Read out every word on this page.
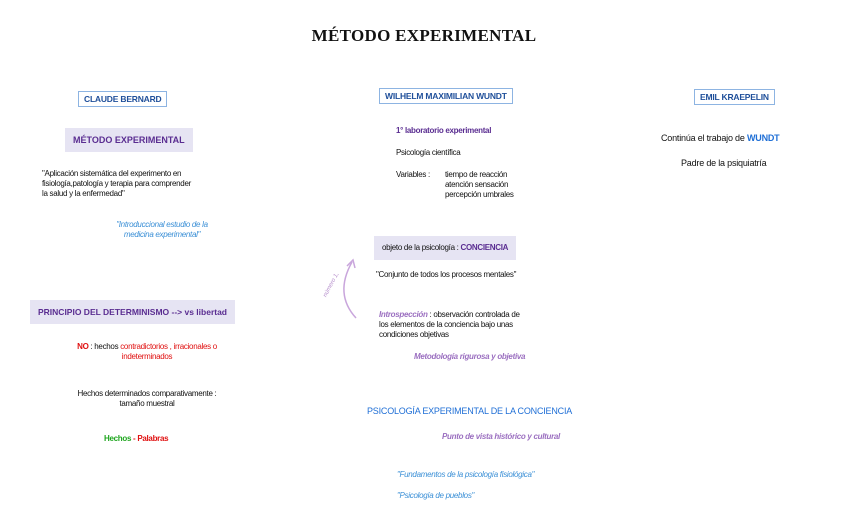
MÉTODO EXPERIMENTAL
CLAUDE BERNARD
MÉTODO EXPERIMENTAL
"Aplicación sistemática del experimento en
fisiología,patología y terapia para comprender
la salud y la enfermedad"
"Introduccional estudio de la
medicina experimental"
PRINCIPIO DEL DETERMINISMO --> vs libertad
NO : hechos contradictorios , irracionales o
indeterminados
Hechos determinados comparativamente :
tamaño muestral
Hechos - Palabras
WILHELM MAXIMILIAN WUNDT
1° laboratorio experimental
Psicología científica
Variables : tiempo de reacción
atención sensación
percepción umbrales
objeto de la psicología : CONCIENCIA
"Conjunto de todos los procesos mentales"
número 1,
Introspección : observación controlada de
los elementos de la conciencia bajo unas
condiciones objetivas
Metodología rigurosa y objetiva
PSICOLOGÍA EXPERIMENTAL DE LA CONCIENCIA
Punto de vista histórico y cultural
"Fundamentos de la psicología fisiológica"
"Psicología de pueblos"
EMIL KRAEPELIN
Continúa el trabajo de WUNDT
Padre de la psiquiatría
